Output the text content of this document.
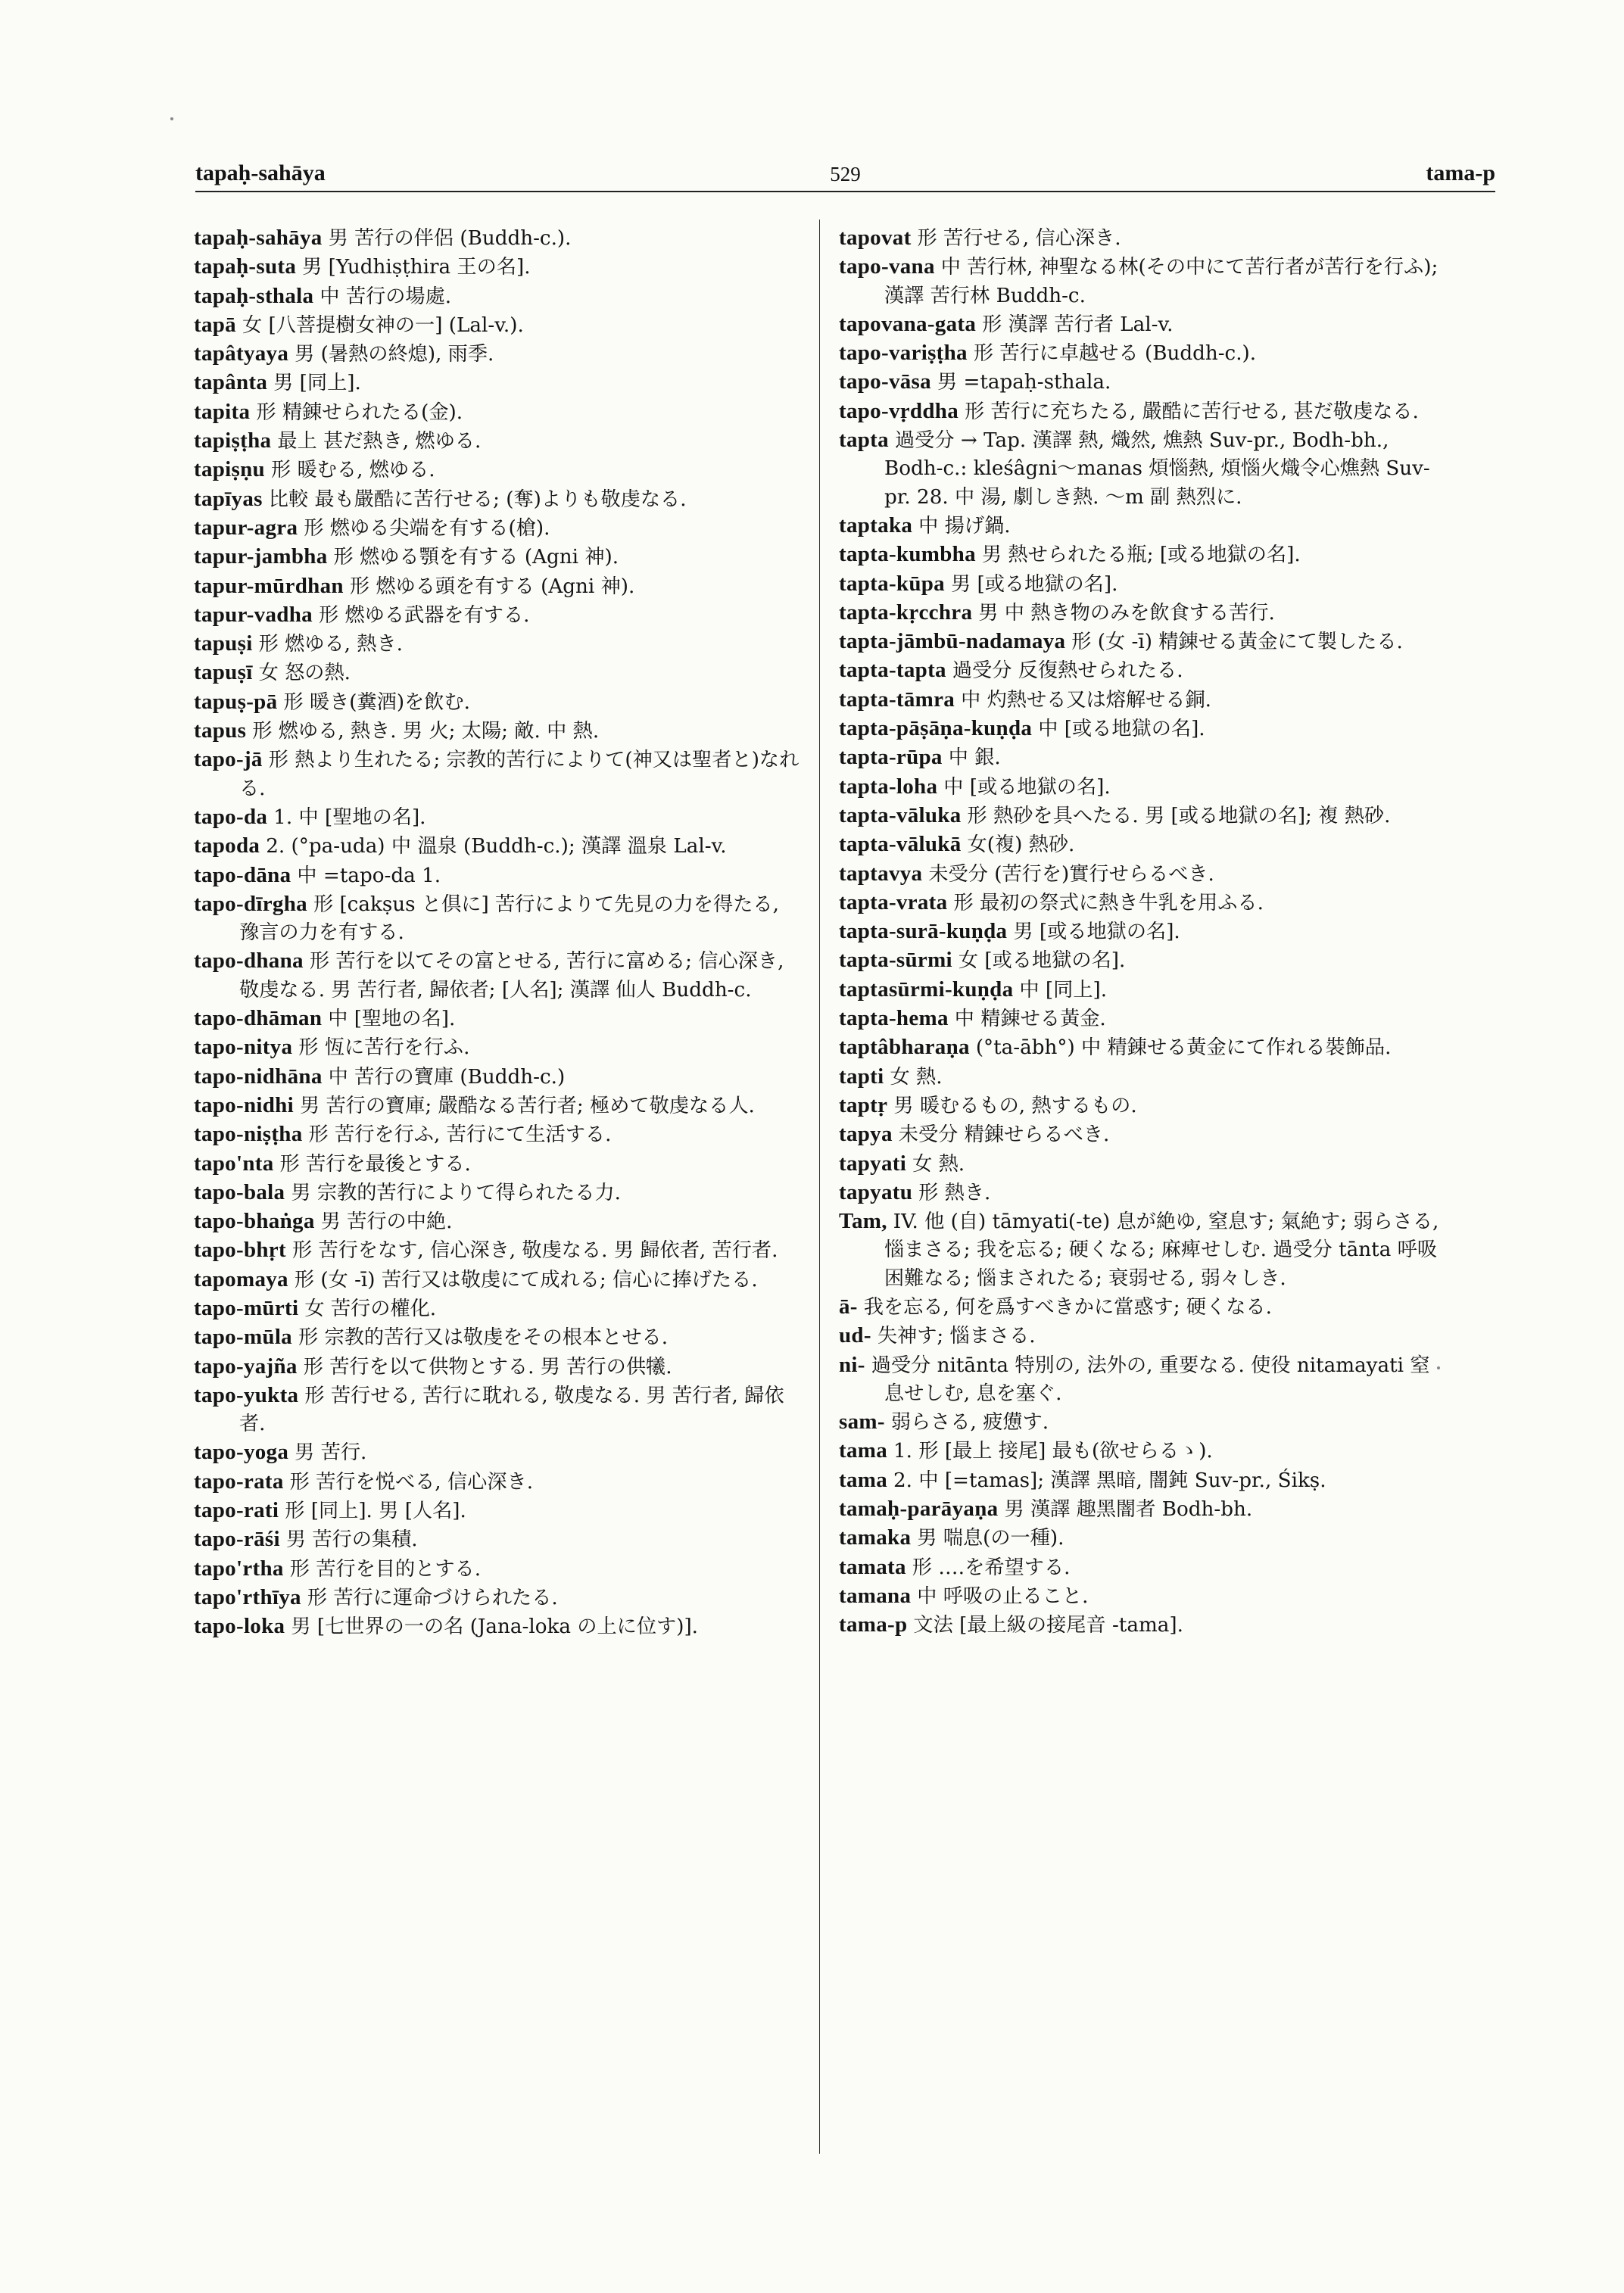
tapaḥ-sahāya	529	tama-p
tapaḥ-sahāya 男 苦行の伴侶 (Buddh-c.).
tapaḥ-suta 男 [Yudhiṣṭhira 王の名].
tapaḥ-sthala 中 苦行の場處.
tapā 女 [八菩提樹女神の一] (Lal-v.).
tapâtyaya 男 (暑熱の終熄), 雨季.
tapânta 男 [同上].
tapita 形 精錬せられたる(金).
tapiṣṭha 最上 甚だ熱き, 燃ゆる.
tapiṣṇu 形 暖むる, 燃ゆる.
tapīyas 比較 最も嚴酷に苦行せる; (奪)よりも敬虔なる.
tapur-agra 形 燃ゆる尖端を有する(槍).
tapur-jambha 形 燃ゆる顎を有する (Agni 神).
tapur-mūrdhan 形 燃ゆる頭を有する (Agni 神).
tapur-vadha 形 燃ゆる武器を有する.
tapuṣi 形 燃ゆる, 熱き.
tapuṣī 女 怒の熱.
tapuṣ-pā 形 暖き(糞酒)を飲む.
tapus 形 燃ゆる, 熱き. 男 火; 太陽; 敵. 中 熱.
tapo-jā 形 熱より生れたる; 宗教的苦行によりて(神又は聖者と)なれる.
tapo-da 1. 中 [聖地の名].
tapoda 2. (°pa-uda) 中 溫泉 (Buddh-c.); 漢譯 溫泉 Lal-v.
tapo-dāna 中 =tapo-da 1.
tapo-dīrgha 形 [cakṣus と倶に] 苦行によりて先見の力を得たる, 豫言の力を有する.
tapo-dhana 形 苦行を以てその富とせる, 苦行に富める; 信心深き, 敬虔なる. 男 苦行者, 歸依者; [人名]; 漢譯 仙人 Buddh-c.
tapo-dhāman 中 [聖地の名].
tapo-nitya 形 恆に苦行を行ふ.
tapo-nidhāna 中 苦行の寶庫 (Buddh-c.)
tapo-nidhi 男 苦行の寶庫; 嚴酷なる苦行者; 極めて敬虔なる人.
tapo-niṣṭha 形 苦行を行ふ, 苦行にて生活する.
tapo'nta 形 苦行を最後とする.
tapo-bala 男 宗教的苦行によりて得られたる力.
tapo-bhaṅga 男 苦行の中絶.
tapo-bhṛt 形 苦行をなす, 信心深き, 敬虔なる. 男 歸依者, 苦行者.
tapomaya 形 (女 -ī) 苦行又は敬虔にて成れる; 信心に捧げたる.
tapo-mūrti 女 苦行の權化.
tapo-mūla 形 宗教的苦行又は敬虔をその根本とせる.
tapo-yajña 形 苦行を以て供物とする. 男 苦行の供犧.
tapo-yukta 形 苦行せる, 苦行に耽れる, 敬虔なる. 男 苦行者, 歸依者.
tapo-yoga 男 苦行.
tapo-rata 形 苦行を悦べる, 信心深き.
tapo-rati 形 [同上]. 男 [人名].
tapo-rāśi 男 苦行の集積.
tapo'rtha 形 苦行を目的とする.
tapo'rthīya 形 苦行に運命づけられたる.
tapo-loka 男 [七世界の一の名 (Jana-loka の上に位す)].
tapovat 形 苦行せる, 信心深き.
tapo-vana 中 苦行林, 神聖なる林(その中にて苦行者が苦行を行ふ); 漢譯 苦行林 Buddh-c.
tapovana-gata 形 漢譯 苦行者 Lal-v.
tapo-variṣṭha 形 苦行に卓越せる (Buddh-c.).
tapo-vāsa 男 =tapaḥ-sthala.
tapo-vṛddha 形 苦行に充ちたる, 嚴酷に苦行せる, 甚だ敬虔なる.
tapta 過受分 → Tap. 漢譯 熱, 熾然, 燋熱 Suv-pr., Bodh-bh., Bodh-c.: kleśâgni〜manas 煩惱熱, 煩惱火熾令心燋熱 Suv-pr. 28. 中 湯, 劇しき熱. 〜m 副 熱烈に.
taptaka 中 揚げ鍋.
tapta-kumbha 男 熱せられたる瓶; [或る地獄の名].
tapta-kūpa 男 [或る地獄の名].
tapta-kṛcchra 男 中 熱き物のみを飲食する苦行.
tapta-jāmbū-nadamaya 形 (女 -ī) 精錬せる黃金にて製したる.
tapta-tapta 過受分 反復熱せられたる.
tapta-tāmra 中 灼熱せる又は熔解せる銅.
tapta-pāṣāṇa-kuṇḍa 中 [或る地獄の名].
tapta-rūpa 中 銀.
tapta-loha 中 [或る地獄の名].
tapta-vāluka 形 熱砂を具へたる. 男 [或る地獄の名]; 複 熱砂.
tapta-vālukā 女(複) 熱砂.
taptavya 未受分 (苦行を)實行せらるべき.
tapta-vrata 形 最初の祭式に熱き牛乳を用ふる.
tapta-surā-kuṇḍa 男 [或る地獄の名].
tapta-sūrmi 女 [或る地獄の名].
taptasūrmi-kuṇḍa 中 [同上].
tapta-hema 中 精錬せる黃金.
taptâbharaṇa (°ta-ābh°) 中 精錬せる黃金にて作れる裝飾品.
tapti 女 熱.
taptṛ 男 暖むるもの, 熱するもの.
tapya 未受分 精錬せらるべき.
tapyati 女 熱.
tapyatu 形 熱き.
Tam, IV. 他 (自) tāmyati(-te) 息が絶ゆ, 窒息す; 氣絶す; 弱らさる, 惱まさる; 我を忘る; 硬くなる; 麻痺せしむ. 過受分 tānta 呼吸困難なる; 惱まされたる; 衰弱せる, 弱々しき.
ā- 我を忘る, 何を爲すべきかに當惑す; 硬くなる.
ud- 失神す; 惱まさる.
ni- 過受分 nitānta 特別の, 法外の, 重要なる. 使役 nitamayati 窒息せしむ, 息を塞ぐ.
sam- 弱らさる, 疲憊す.
tama 1. 形 [最上 接尾] 最も(欲せらるゝ).
tama 2. 中 [=tamas]; 漢譯 黑暗, 闇鈍 Suv-pr., Śikṣ.
tamaḥ-parāyaṇa 男 漢譯 趣黑闇者 Bodh-bh.
tamaka 男 喘息(の一種).
tamata 形 ‥‥を希望する.
tamana 中 呼吸の止ること.
tama-p 文法 [最上級の接尾音 -tama].
